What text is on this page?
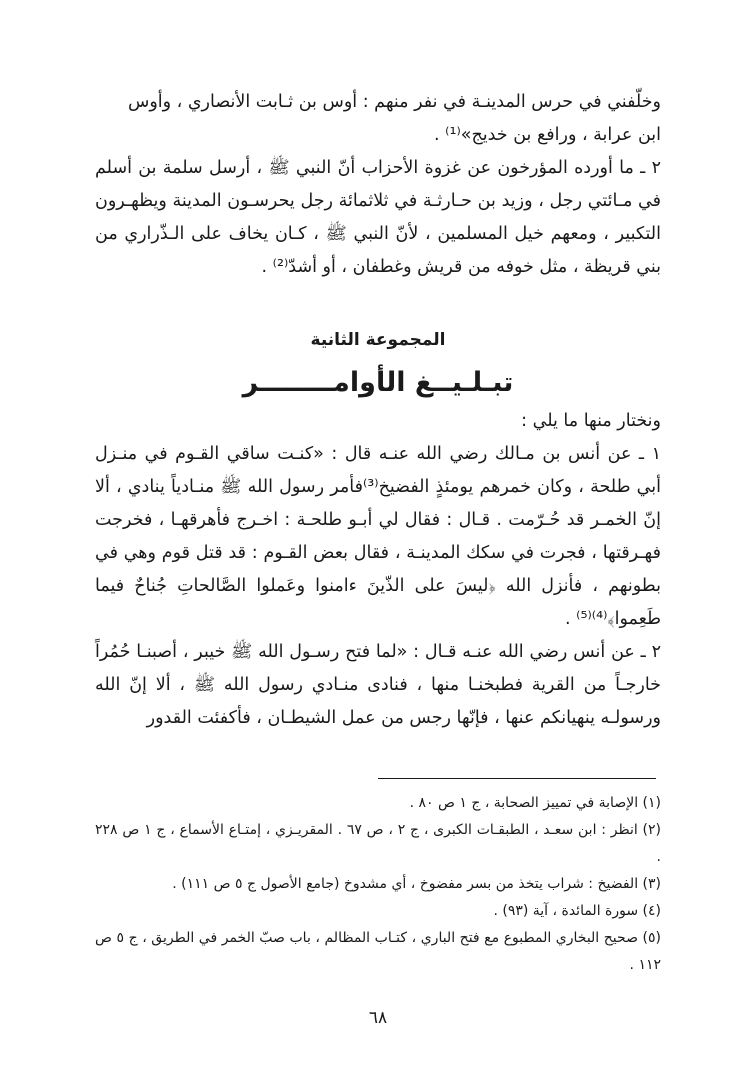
وخلّفني في حرس المدينـة في نفر منهم : أوس بن ثـابت الأنصاري ، وأوس

ابن عرابة ، ورافع بن خديج»⁽¹⁾ .

٢ ـ ما أورده المؤرخون عن غزوة الأحزاب أنّ النبي ﷺ ، أرسل سلمة بن أسلم في مـائتي رجل ، وزيد بن حـارثـة في ثلاثمائة رجل يحرسـون المدينة ويظهـرون التكبير ، ومعهم خيل المسلمين ، لأنّ النبي ﷺ ، كـان يخاف على الـذّراري من بني قريظة ، مثل خوفه من قريش وغطفان ، أو أشدّ⁽²⁾ .

المجموعة الثانية
تبـلـيــغ الأوامــــــــر

ونختار منها ما يلي :

١ ـ عن أنس بن مـالك رضي الله عنـه قال : «كنـت ساقي القـوم في منـزل أبي طلحة ، وكان خمرهم يومئذٍ الفضيخ⁽³⁾فأمر رسول الله ﷺ منـادياً ينادي ، ألا إنّ الخمـر قد حُـرّمت . قـال : فقال لي أبـو طلحـة : اخـرج فأهرقهـا ، فخرجت فهـرقتها ، فجرت في سكك المدينـة ، فقال بعض القـوم : قد قتل قوم وهي في بطونهم ، فأنزل الله ﴿ليسَ على الذّينَ ءامنوا وعَملوا الصَّالحاتِ جُناحٌ فيما طَعِموا﴾⁽⁴⁾⁽⁵⁾ .

٢ ـ عن أنس رضي الله عنـه قـال : «لما فتح رسـول الله ﷺ خيبر ، أصبنـا حُمُراً خارجـاً من القرية فطبخنـا منها ، فنادى منـادي رسول الله ﷺ ، ألا إنّ الله ورسولـه ينهيانكم عنها ، فإنّها رجس من عمل الشيطـان ، فأكفئت القدور

(١) الإصابة في تمييز الصحابة ، ج ١ ص ٨٠ .

(٢) انظر : ابن سعـد ، الطبقـات الكبرى ، ج ٢ ، ص ٦٧ . المقريـزي ، إمتـاع الأسماع ، ج ١ ص ٢٢٨ .

(٣) الفضيخ : شراب يتخذ من بسر مفضوخ ، أي مشدوخ (جامع الأصول ج ٥ ص ١١١) .

(٤) سورة المائدة ، آية (٩٣) .

(٥) صحيح البخاري المطبوع مع فتح الباري ، كتـاب المظالم ، باب صبّ الخمر في الطريق ، ج ٥ ص ١١٢ .

٦٨
